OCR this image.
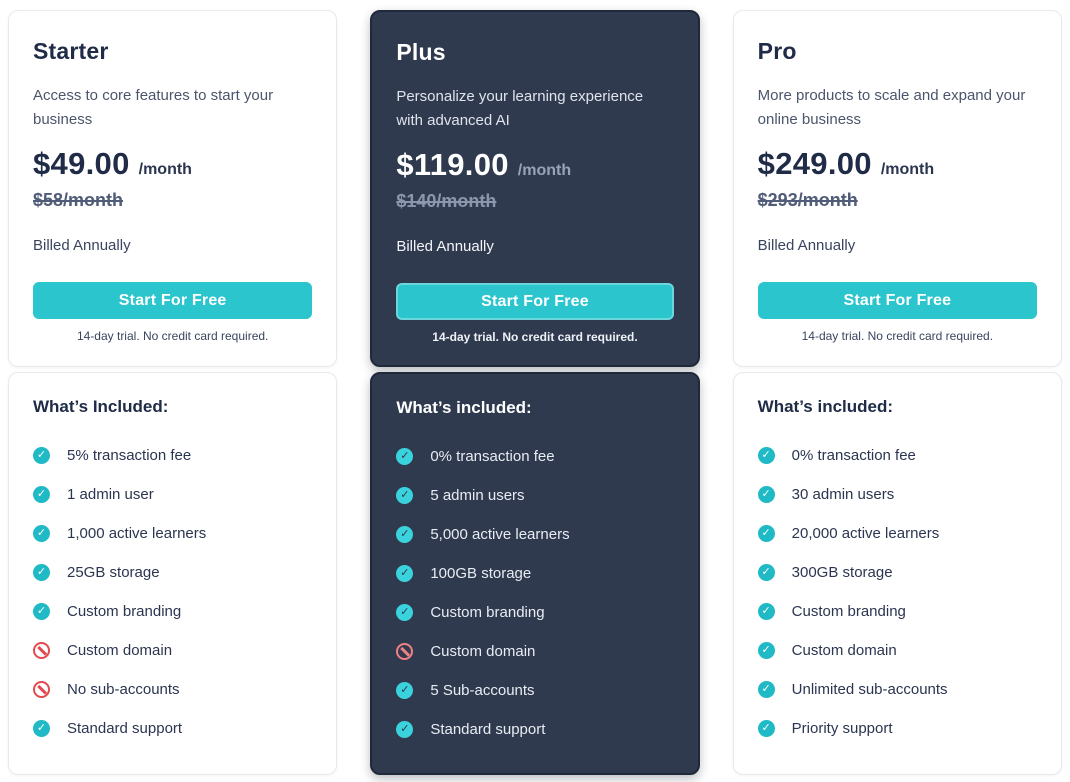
Starter

Access to core features to start your business

$49.00 /month

$58/month

Billed Annually

Start For Free

14-day trial. No credit card required.

What’s Included:
✓ 5% transaction fee
✓ 1 admin user
✓ 1,000 active learners
✓ 25GB storage
✓ Custom branding
Custom domain
No sub-accounts
✓ Standard support
Plus

Personalize your learning experience with advanced AI

$119.00 /month

$140/month

Billed Annually

Start For Free

14-day trial. No credit card required.

What’s included:
✓ 0% transaction fee
✓ 5 admin users
✓ 5,000 active learners
✓ 100GB storage
✓ Custom branding
Custom domain
✓ 5 Sub-accounts
✓ Standard support
Pro

More products to scale and expand your online business

$249.00 /month

$293/month

Billed Annually

Start For Free

14-day trial. No credit card required.

What’s included:
✓ 0% transaction fee
✓ 30 admin users
✓ 20,000 active learners
✓ 300GB storage
✓ Custom branding
✓ Custom domain
✓ Unlimited sub-accounts
✓ Priority support
